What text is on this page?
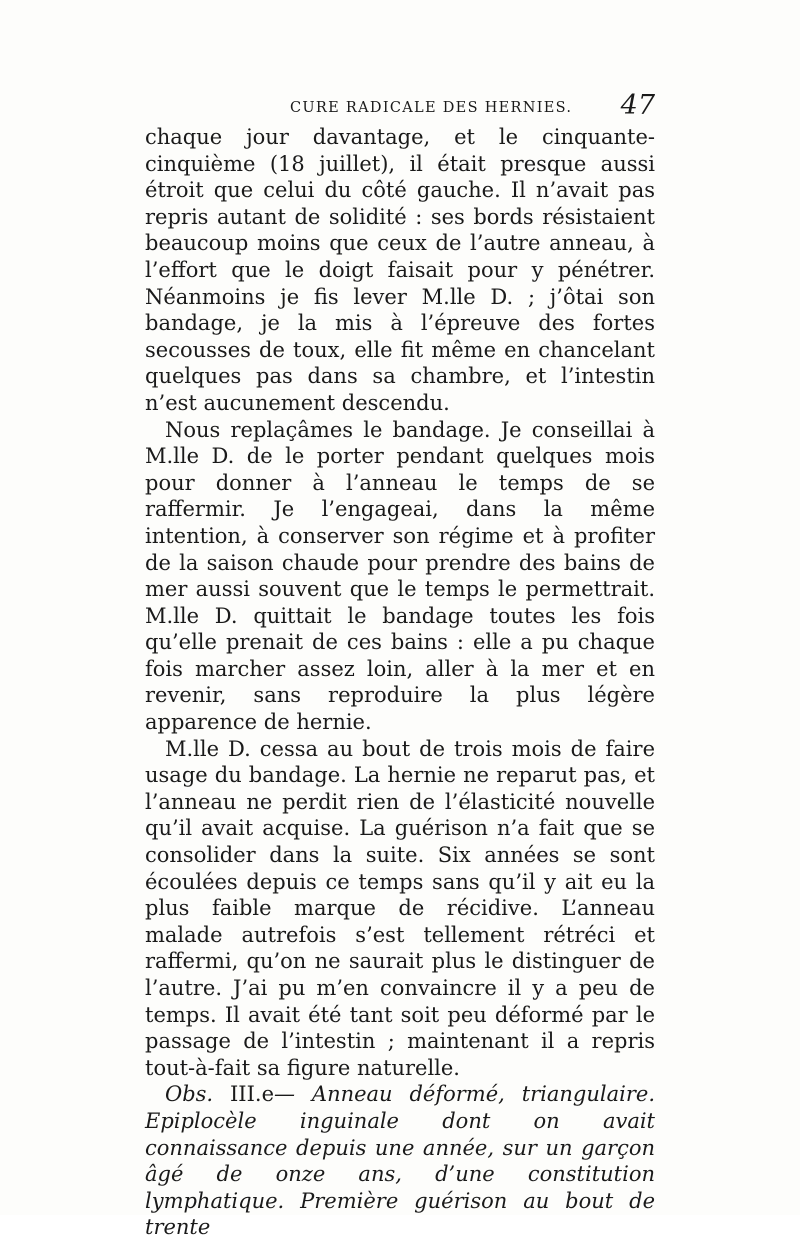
CURE RADICALE DES HERNIES. 47

chaque jour davantage, et le cinquante-cinquième (18 juillet), il était presque aussi étroit que celui du côté gauche. Il n’avait pas repris autant de solidité : ses bords résistaient beaucoup moins que ceux de l’autre anneau, à l’effort que le doigt faisait pour y pénétrer. Néanmoins je fis lever M.lle D. ; j’ôtai son bandage, je la mis à l’épreuve des fortes secousses de toux, elle fit même en chancelant quelques pas dans sa chambre, et l’intestin n’est aucunement descendu.

Nous replaçâmes le bandage. Je conseillai à M.lle D. de le porter pendant quelques mois pour donner à l’anneau le temps de se raffermir. Je l’engageai, dans la même intention, à conserver son régime et à profiter de la saison chaude pour prendre des bains de mer aussi souvent que le temps le permettrait. M.lle D. quittait le bandage toutes les fois qu’elle prenait de ces bains : elle a pu chaque fois marcher assez loin, aller à la mer et en revenir, sans reproduire la plus légère apparence de hernie.

M.lle D. cessa au bout de trois mois de faire usage du bandage. La hernie ne reparut pas, et l’anneau ne perdit rien de l’élasticité nouvelle qu’il avait acquise. La guérison n’a fait que se consolider dans la suite. Six années se sont écoulées depuis ce temps sans qu’il y ait eu la plus faible marque de récidive. L’anneau malade autrefois s’est tellement rétréci et raffermi, qu’on ne saurait plus le distinguer de l’autre. J’ai pu m’en convaincre il y a peu de temps. Il avait été tant soit peu déformé par le passage de l’intestin ; maintenant il a repris tout-à-fait sa figure naturelle.

Obs. III.e— Anneau déformé, triangulaire. Epiplocèle inguinale dont on avait connaissance depuis une année, sur un garçon âgé de onze ans, d’une constitution lymphatique. Première guérison au bout de trente
